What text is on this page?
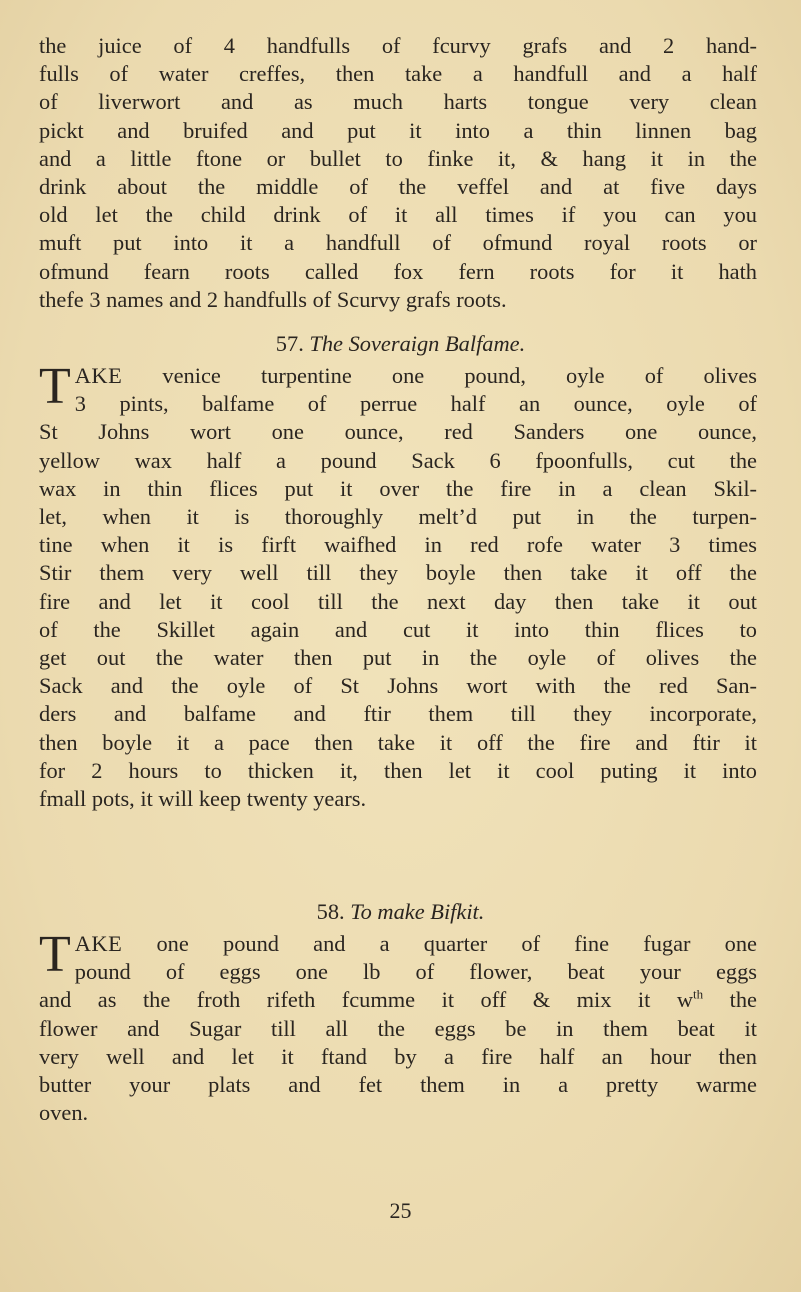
the juice of 4 handfulls of fcurvy grafs and 2 hand-
fulls of water creffes, then take a handfull and a half
of liverwort and as much harts tongue very clean
pickt and bruifed and put it into a thin linnen bag
and a little ftone or bullet to finke it, & hang it in the
drink about the middle of the veffel and at five days
old let the child drink of it all times if you can you
muft put into it a handfull of ofmund royal roots or
ofmund fearn roots called fox fern roots for it hath
thefe 3 names and 2 handfulls of Scurvy grafs roots.
57. The Soveraign Balfame.
T AKE venice turpentine one pound, oyle of olives
3 pints, balfame of perrue half an ounce, oyle of
St Johns wort one ounce, red Sanders one ounce,
yellow wax half a pound Sack 6 fpoonfulls, cut the
wax in thin flices put it over the fire in a clean Skil-
let, when it is thoroughly melt’d put in the turpen-
tine when it is firft waifhed in red rofe water 3 times
Stir them very well till they boyle then take it off the
fire and let it cool till the next day then take it out
of the Skillet again and cut it into thin flices to
get out the water then put in the oyle of olives the
Sack and the oyle of St Johns wort with the red San-
ders and balfame and ftir them till they incorporate,
then boyle it a pace then take it off the fire and ftir it
for 2 hours to thicken it, then let it cool puting it into
fmall pots, it will keep twenty years.
58. To make Bifkit.
T AKE one pound and a quarter of fine fugar one
pound of eggs one lb of flower, beat your eggs
and as the froth rifeth fcumme it off & mix it $w^{th}$ the
flower and Sugar till all the eggs be in them beat it
very well and let it ftand by a fire half an hour then
butter your plats and fet them in a pretty warme
oven.
25
